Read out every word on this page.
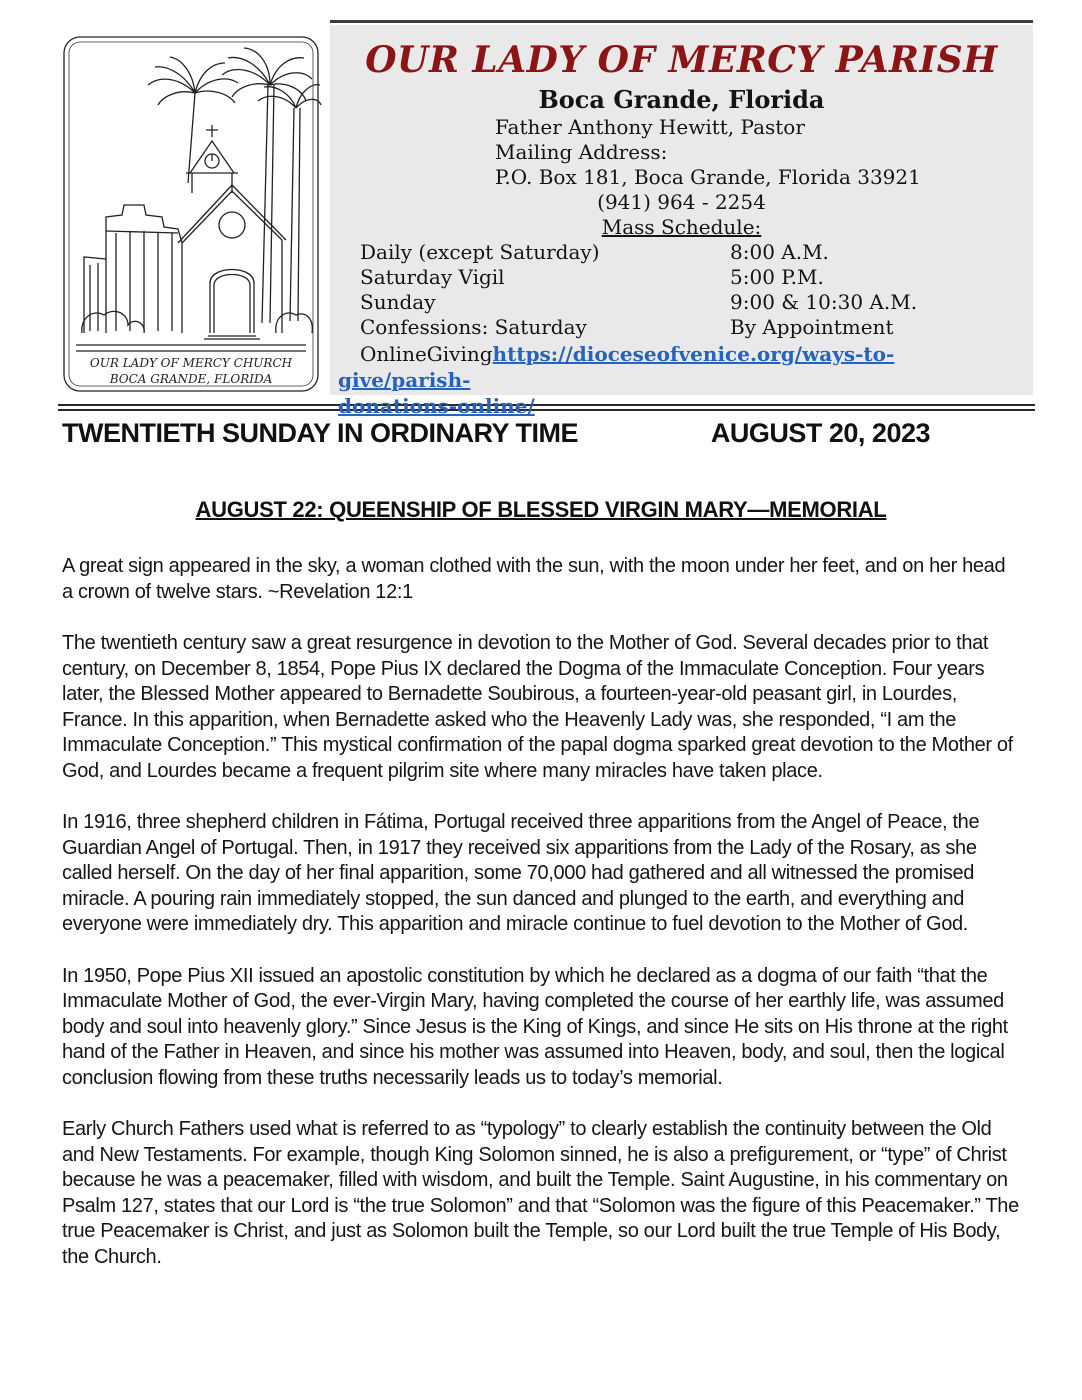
OUR LADY OF MERCY CHURCH
BOCA GRANDE, FLORIDA
OUR LADY OF MERCY PARISH
Boca Grande, Florida
Father Anthony Hewitt, Pastor
Mailing Address:
P.O. Box 181, Boca Grande, Florida 33921
(941) 964 - 2254
Mass Schedule:
Daily (except Saturday)	8:00 A.M.
Saturday Vigil	5:00 P.M.
Sunday	9:00 & 10:30 A.M.
Confessions: Saturday	By Appointment
OnlineGivinghttps://dioceseofvenice.org/ways-to-give/parish-
donations-online/
TWENTIETH SUNDAY IN ORDINARY TIME	AUGUST 20, 2023
AUGUST 22: QUEENSHIP OF BLESSED VIRGIN MARY—MEMORIAL

A great sign appeared in the sky, a woman clothed with the sun, with the moon under her feet, and on her head a crown of twelve stars. ~Revelation 12:1

The twentieth century saw a great resurgence in devotion to the Mother of God. Several decades prior to that century, on December 8, 1854, Pope Pius IX declared the Dogma of the Immaculate Conception. Four years later, the Blessed Mother appeared to Bernadette Soubirous, a fourteen-year-old peasant girl, in Lourdes, France. In this apparition, when Bernadette asked who the Heavenly Lady was, she responded, “I am the Immaculate Conception.” This mystical confirmation of the papal dogma sparked great devotion to the Mother of God, and Lourdes became a frequent pilgrim site where many miracles have taken place.

In 1916, three shepherd children in Fátima, Portugal received three apparitions from the Angel of Peace, the Guardian Angel of Portugal. Then, in 1917 they received six apparitions from the Lady of the Rosary, as she called herself. On the day of her final apparition, some 70,000 had gathered and all witnessed the promised miracle. A pouring rain immediately stopped, the sun danced and plunged to the earth, and everything and everyone were immediately dry. This apparition and miracle continue to fuel devotion to the Mother of God.

In 1950, Pope Pius XII issued an apostolic constitution by which he declared as a dogma of our faith “that the Immaculate Mother of God, the ever-Virgin Mary, having completed the course of her earthly life, was assumed body and soul into heavenly glory.” Since Jesus is the King of Kings, and since He sits on His throne at the right hand of the Father in Heaven, and since his mother was assumed into Heaven, body, and soul, then the logical conclusion flowing from these truths necessarily leads us to today’s memorial.

Early Church Fathers used what is referred to as “typology” to clearly establish the continuity between the Old and New Testaments. For example, though King Solomon sinned, he is also a prefigurement, or “type” of Christ because he was a peacemaker, filled with wisdom, and built the Temple. Saint Augustine, in his commentary on Psalm 127, states that our Lord is “the true Solomon” and that “Solomon was the figure of this Peacemaker.” The true Peacemaker is Christ, and just as Solomon built the Temple, so our Lord built the true Temple of His Body, the Church.
